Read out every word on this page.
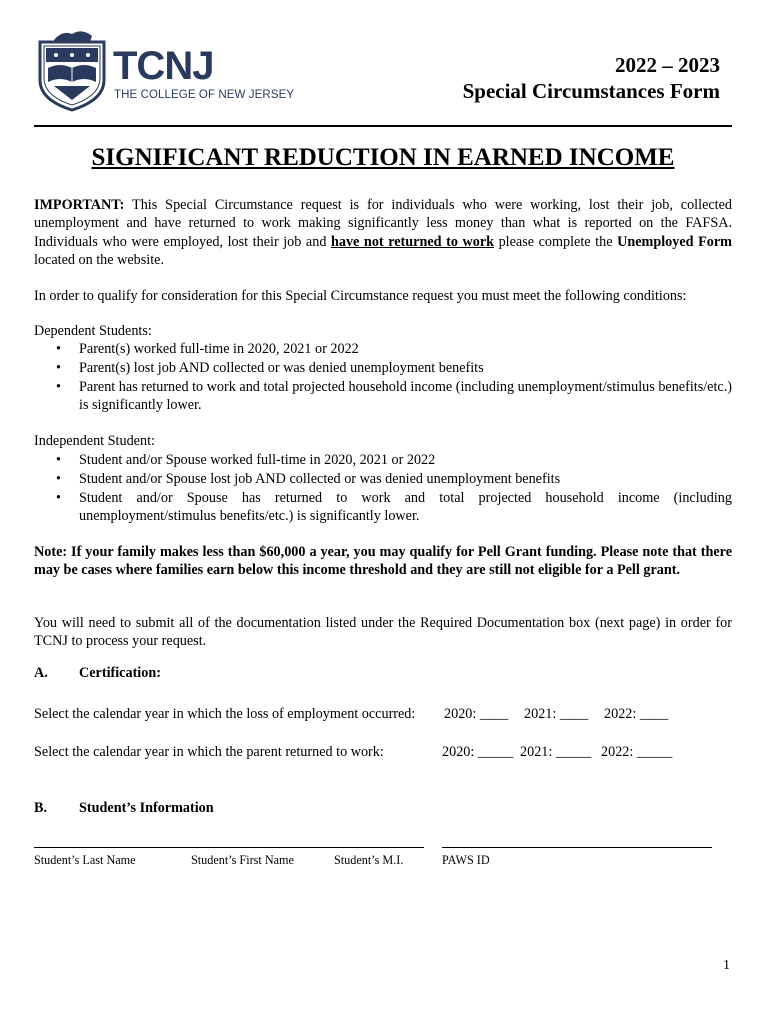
TCNJ
THE COLLEGE OF NEW JERSEY
2022 – 2023
Special Circumstances Form
SIGNIFICANT REDUCTION IN EARNED INCOME
IMPORTANT: This Special Circumstance request is for individuals who were working, lost their job, collected unemployment and have returned to work making significantly less money than what is reported on the FAFSA. Individuals who were employed, lost their job and have not returned to work please complete the Unemployed Form located on the website.
In order to qualify for consideration for this Special Circumstance request you must meet the following conditions:
Dependent Students:
• Parent(s) worked full-time in 2020, 2021 or 2022
• Parent(s) lost job AND collected or was denied unemployment benefits
• Parent has returned to work and total projected household income (including unemployment/stimulus benefits/etc.) is significantly lower.
Independent Student:
• Student and/or Spouse worked full-time in 2020, 2021 or 2022
• Student and/or Spouse lost job AND collected or was denied unemployment benefits
• Student and/or Spouse has returned to work and total projected household income (including unemployment/stimulus benefits/etc.) is significantly lower.
Note: If your family makes less than $60,000 a year, you may qualify for Pell Grant funding. Please note that there may be cases where families earn below this income threshold and they are still not eligible for a Pell grant.
You will need to submit all of the documentation listed under the Required Documentation box (next page) in order for TCNJ to process your request.
A. Certification:
Select the calendar year in which the loss of employment occurred: 2020: ____ 2021: ____ 2022: ____
Select the calendar year in which the parent returned to work:	2020: _____ 2021: _____ 2022: _____
B. Student’s Information
Student’s Last Name	Student’s First Name	Student’s M.I.	PAWS ID
1
